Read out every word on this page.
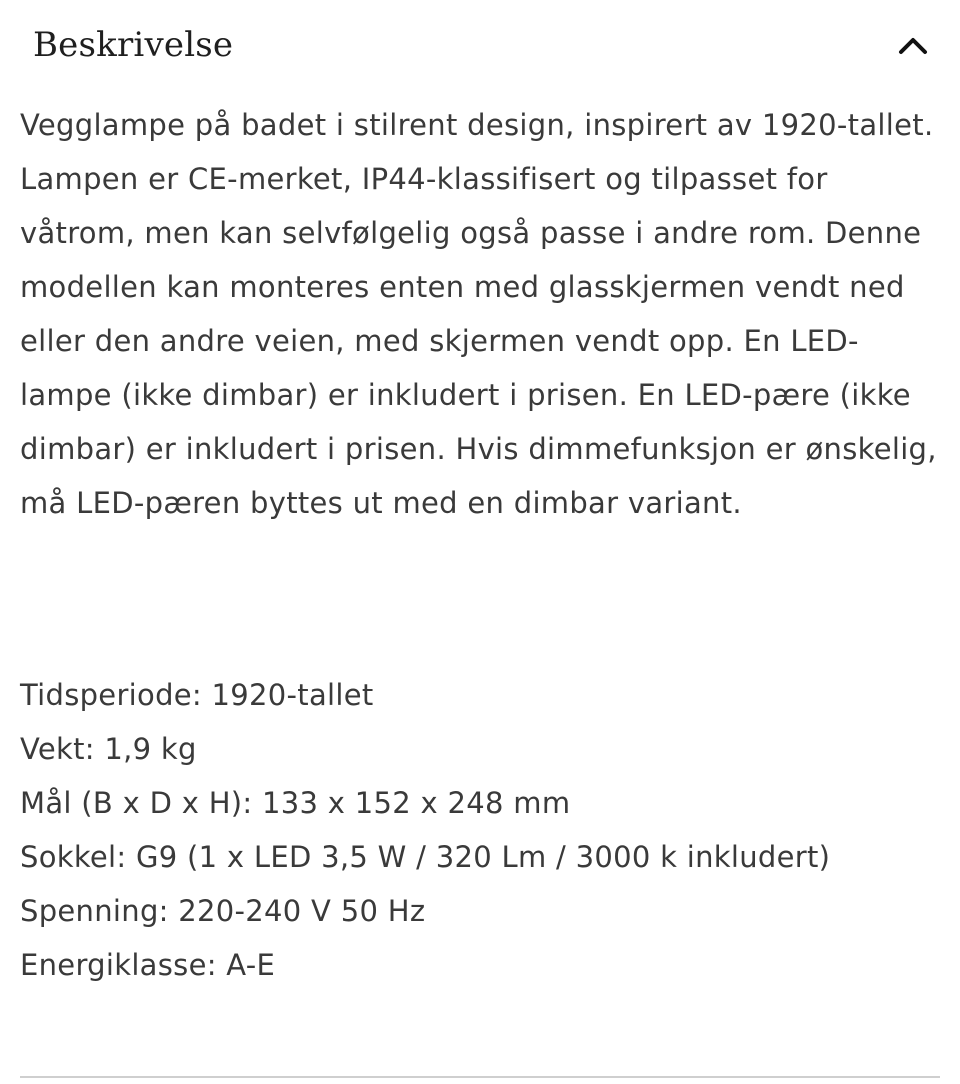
Beskrivelse

Vegglampe på badet i stilrent design, inspirert av 1920-tallet. Lampen er CE-merket, IP44-klassifisert og tilpasset for våtrom, men kan selvfølgelig også passe i andre rom. Denne modellen kan monteres enten med glasskjermen vendt ned eller den andre veien, med skjermen vendt opp. En LED-lampe (ikke dimbar) er inkludert i prisen. En LED-pære (ikke dimbar) er inkludert i prisen. Hvis dimmefunksjon er ønskelig, må LED-pæren byttes ut med en dimbar variant.

Tidsperiode: 1920-tallet
Vekt: 1,9 kg
Mål (B x D x H): 133 x 152 x 248 mm
Sokkel: G9 (1 x LED 3,5 W / 320 Lm / 3000 k inkludert)
Spenning: 220-240 V 50 Hz
Energiklasse: A-E
